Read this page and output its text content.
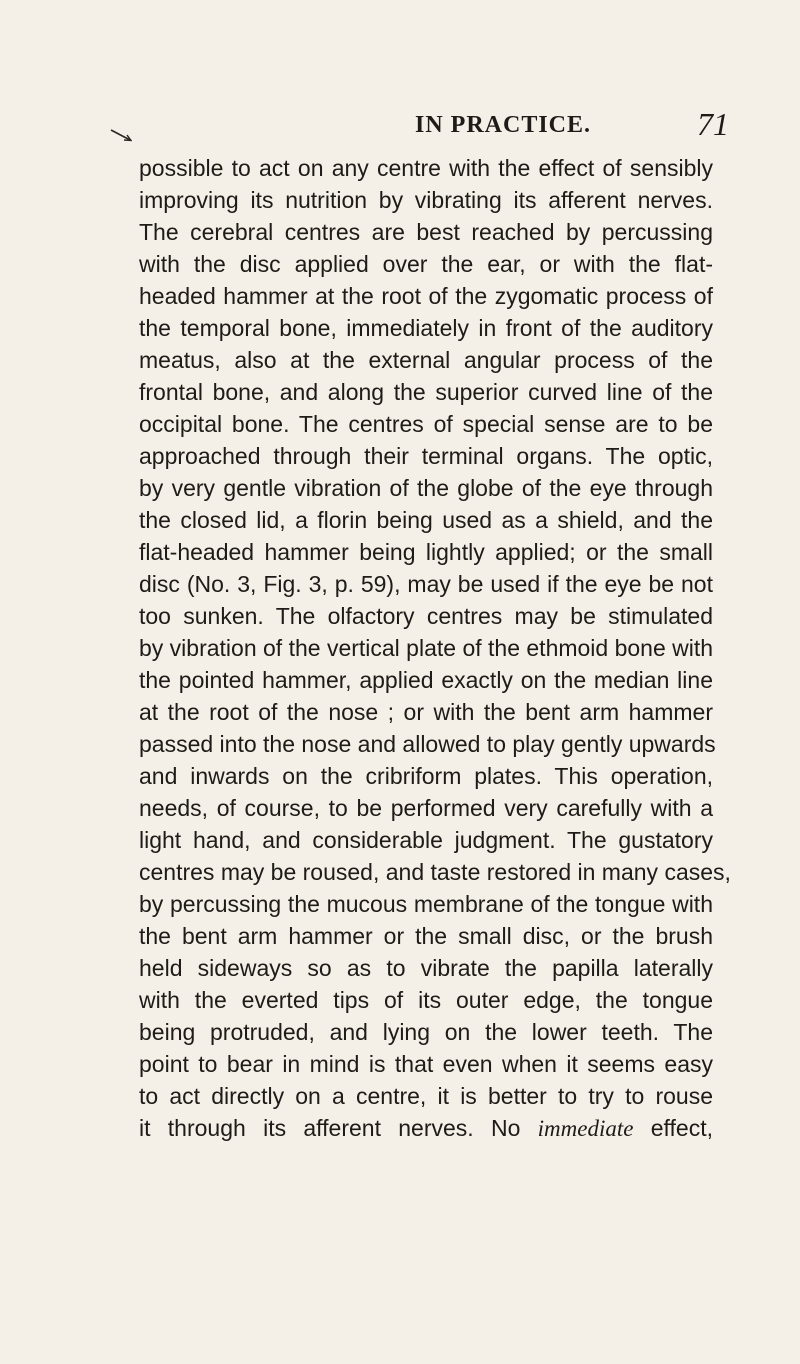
IN PRACTICE.	71
possible to act on any centre with the effect of sensibly
improving its nutrition by vibrating its afferent nerves.
The cerebral centres are best reached by percussing
with the disc applied over the ear, or with the flat-
headed hammer at the root of the zygomatic process of
the temporal bone, immediately in front of the auditory
meatus, also at the external angular process of the
frontal bone, and along the superior curved line of the
occipital bone. The centres of special sense are to be
approached through their terminal organs. The optic,
by very gentle vibration of the globe of the eye through
the closed lid, a florin being used as a shield, and the
flat-headed hammer being lightly applied; or the small
disc (No. 3, Fig. 3, p. 59), may be used if the eye be not
too sunken. The olfactory centres may be stimulated
by vibration of the vertical plate of the ethmoid bone with
the pointed hammer, applied exactly on the median line
at the root of the nose ; or with the bent arm hammer
passed into the nose and allowed to play gently upwards
and inwards on the cribriform plates. This operation,
needs, of course, to be performed very carefully with a
light hand, and considerable judgment. The gustatory
centres may be roused, and taste restored in many cases,
by percussing the mucous membrane of the tongue with
the bent arm hammer or the small disc, or the brush
held sideways so as to vibrate the papilla laterally
with the everted tips of its outer edge, the tongue
being protruded, and lying on the lower teeth. The
point to bear in mind is that even when it seems easy
to act directly on a centre, it is better to try to rouse
it through its afferent nerves. No immediate effect,
